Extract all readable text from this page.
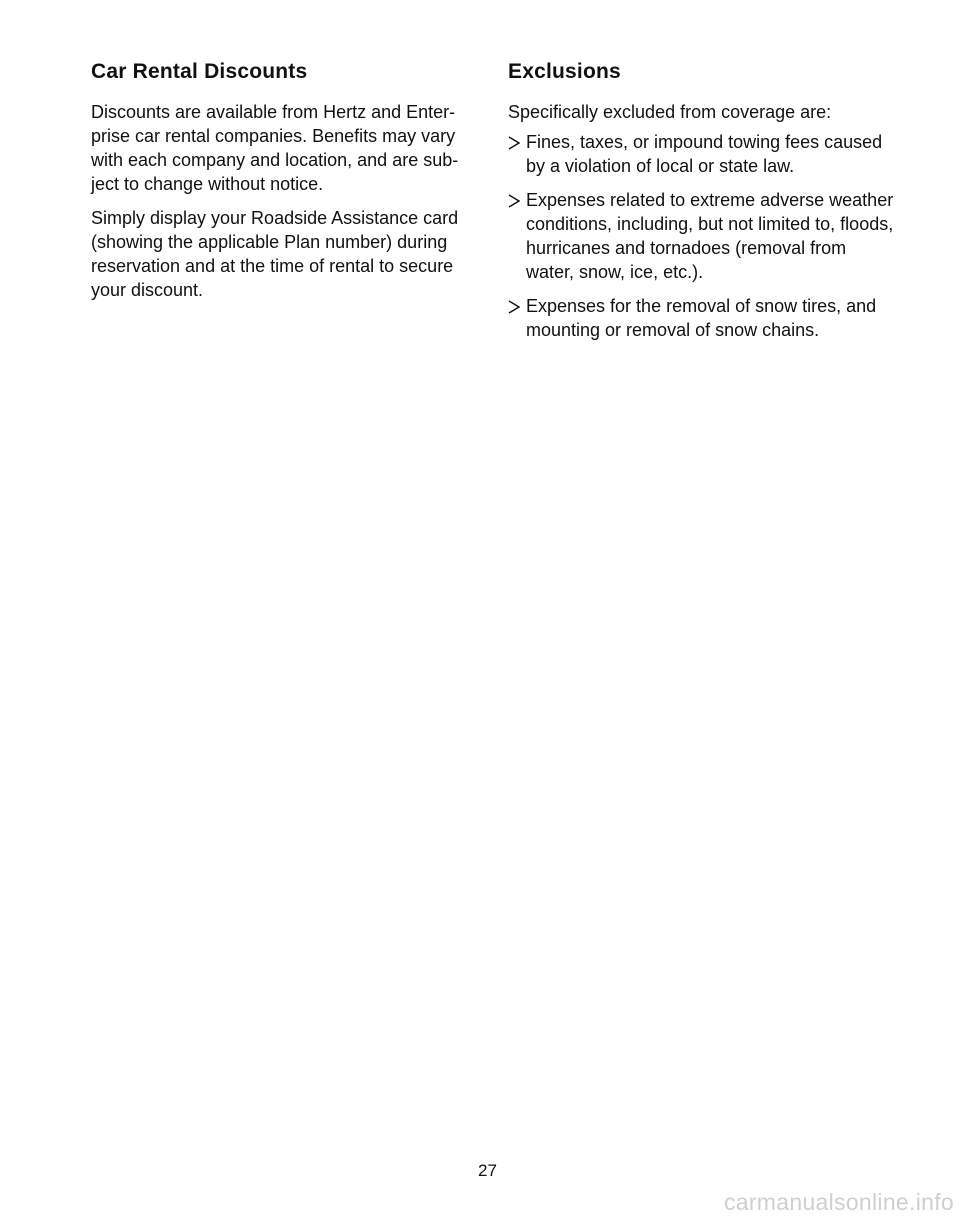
Car Rental Discounts

Discounts are available from Hertz and Enter-prise car rental companies. Benefits may vary with each company and location, and are sub-ject to change without notice.

Simply display your Roadside Assistance card (showing the applicable Plan number) during reservation and at the time of rental to secure your discount.

Exclusions

Specifically excluded from coverage are:

Fines, taxes, or impound towing fees caused by a violation of local or state law.
Expenses related to extreme adverse weather conditions, including, but not limited to, floods, hurricanes and tornadoes (removal from water, snow, ice, etc.).
Expenses for the removal of snow tires, and mounting or removal of snow chains.
27
carmanualsonline.info
